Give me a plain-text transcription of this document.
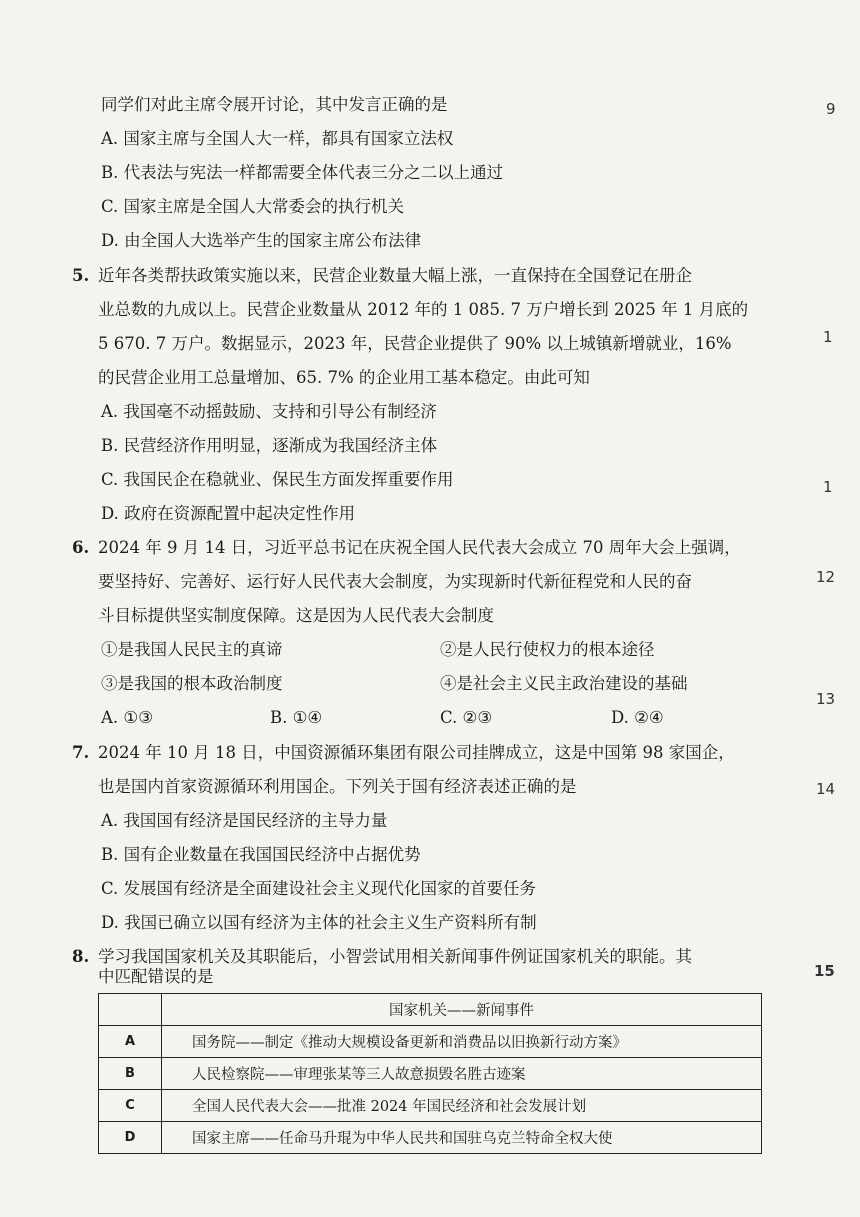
同学们对此主席令展开讨论，其中发言正确的是
A. 国家主席与全国人大一样，都具有国家立法权
B. 代表法与宪法一样都需要全体代表三分之二以上通过
C. 国家主席是全国人大常委会的执行机关
D. 由全国人大选举产生的国家主席公布法律
5. 近年各类帮扶政策实施以来，民营企业数量大幅上涨，一直保持在全国登记在册企
业总数的九成以上。民营企业数量从 2012 年的 1 085. 7 万户增长到 2025 年 1 月底的
5 670. 7 万户。数据显示，2023 年，民营企业提供了 90% 以上城镇新增就业，16%
的民营企业用工总量增加、65. 7% 的企业用工基本稳定。由此可知
A. 我国毫不动摇鼓励、支持和引导公有制经济
B. 民营经济作用明显，逐渐成为我国经济主体
C. 我国民企在稳就业、保民生方面发挥重要作用
D. 政府在资源配置中起决定性作用
6. 2024 年 9 月 14 日，习近平总书记在庆祝全国人民代表大会成立 70 周年大会上强调，
要坚持好、完善好、运行好人民代表大会制度，为实现新时代新征程党和人民的奋
斗目标提供坚实制度保障。这是因为人民代表大会制度
①是我国人民民主的真谛	②是人民行使权力的根本途径
③是我国的根本政治制度	④是社会主义民主政治建设的基础
A. ①③	B. ①④	C. ②③	D. ②④
7. 2024 年 10 月 18 日，中国资源循环集团有限公司挂牌成立，这是中国第 98 家国企，
也是国内首家资源循环利用国企。下列关于国有经济表述正确的是
A. 我国国有经济是国民经济的主导力量
B. 国有企业数量在我国国民经济中占据优势
C. 发展国有经济是全面建设社会主义现代化国家的首要任务
D. 我国已确立以国有经济为主体的社会主义生产资料所有制
8. 学习我国国家机关及其职能后，小智尝试用相关新闻事件例证国家机关的职能。其
中匹配错误的是
	国家机关——新闻事件
A	国务院——制定《推动大规模设备更新和消费品以旧换新行动方案》
B	人民检察院——审理张某等三人故意损毁名胜古迹案
C	全国人民代表大会——批准 2024 年国民经济和社会发展计划
D	国家主席——任命马升琨为中华人民共和国驻乌克兰特命全权大使
9
1
1
12
13
14
15
